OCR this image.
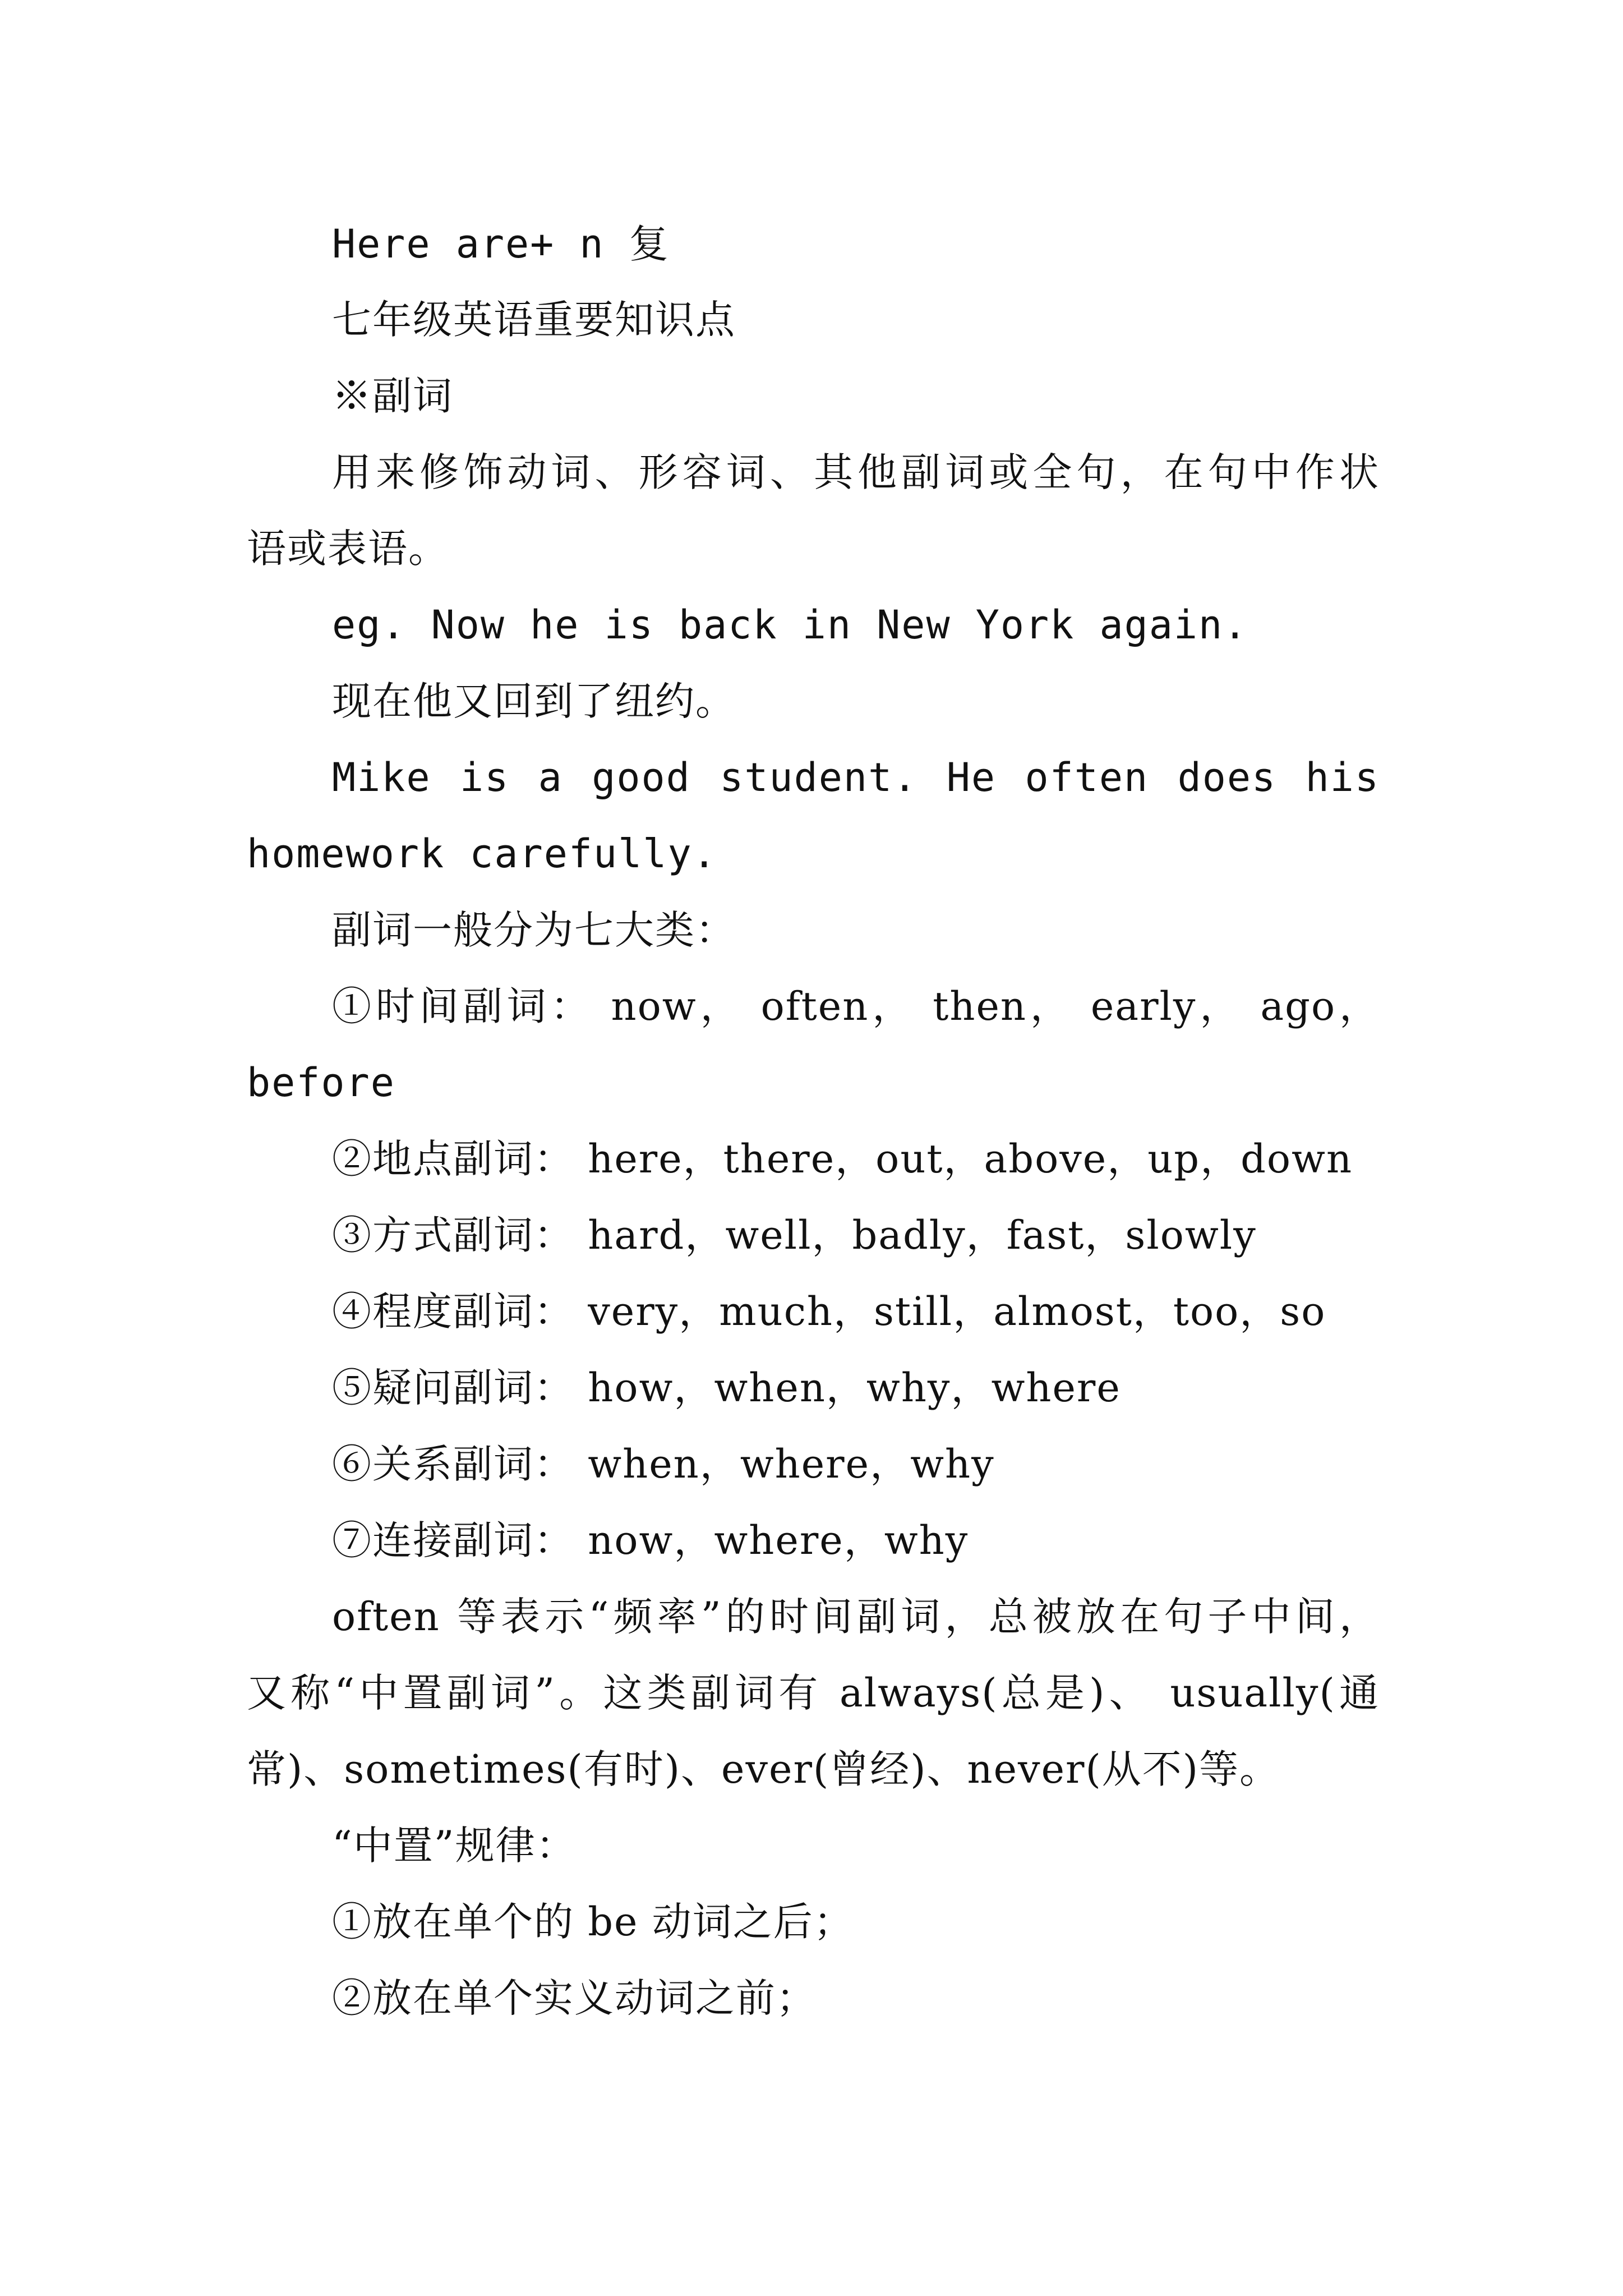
Here are+ n 复
七年级英语重要知识点
※副词
用来修饰动词、形容词、其他副词或全句，在句中作状
语或表语。
eg. Now he is back in New York again.
现在他又回到了纽约。
Mike is a good student. He often does his
homework carefully.
副词一般分为七大类：
①时间副词： now， often， then， early， ago，
before
②地点副词： here，there，out，above，up，down
③方式副词： hard，well，badly，fast，slowly
④程度副词： very，much，still，almost，too，so
⑤疑问副词： how，when，why，where
⑥关系副词： when，where，why
⑦连接副词： now，where，why
often 等表示“频率”的时间副词，总被放在句子中间，
又称“中置副词”。这类副词有 always(总是)、 usually(通
常)、sometimes(有时)、ever(曾经)、never(从不)等。
“中置”规律：
①放在单个的 be 动词之后；
②放在单个实义动词之前；
